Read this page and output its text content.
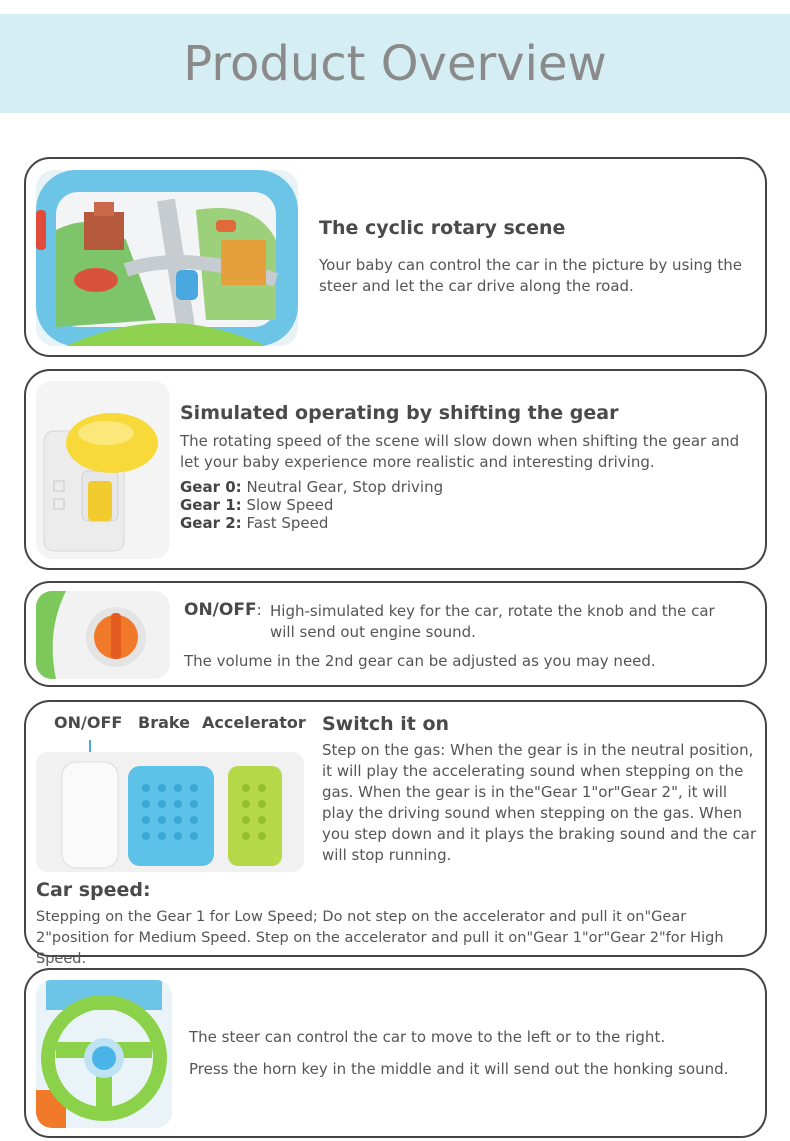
Product Overview
The cyclic rotary scene
Your baby can control the car in the picture by using the steer and let the car drive along the road.
Simulated operating by shifting the gear
The rotating speed of the scene will slow down when shifting the gear and let your baby experience more realistic and interesting driving.
Gear 0: Neutral Gear, Stop driving
Gear 1: Slow Speed
Gear 2: Fast Speed
ON/OFF: High-simulated key for the car, rotate the knob and the car will send out engine sound.
The volume in the 2nd gear can be adjusted as you may need.
ON/OFF Brake Accelerator Switch it on
Step on the gas: When the gear is in the neutral position, it will play the accelerating sound when stepping on the gas. When the gear is in the"Gear 1"or"Gear 2", it will play the driving sound when stepping on the gas. When you step down and it plays the braking sound and the car will stop running.
Car speed:
Stepping on the Gear 1 for Low Speed; Do not step on the accelerator and pull it on"Gear 2"position for Medium Speed. Step on the accelerator and pull it on"Gear 1"or"Gear 2"for High Speed.
The steer can control the car to move to the left or to the right.
Press the horn key in the middle and it will send out the honking sound.
